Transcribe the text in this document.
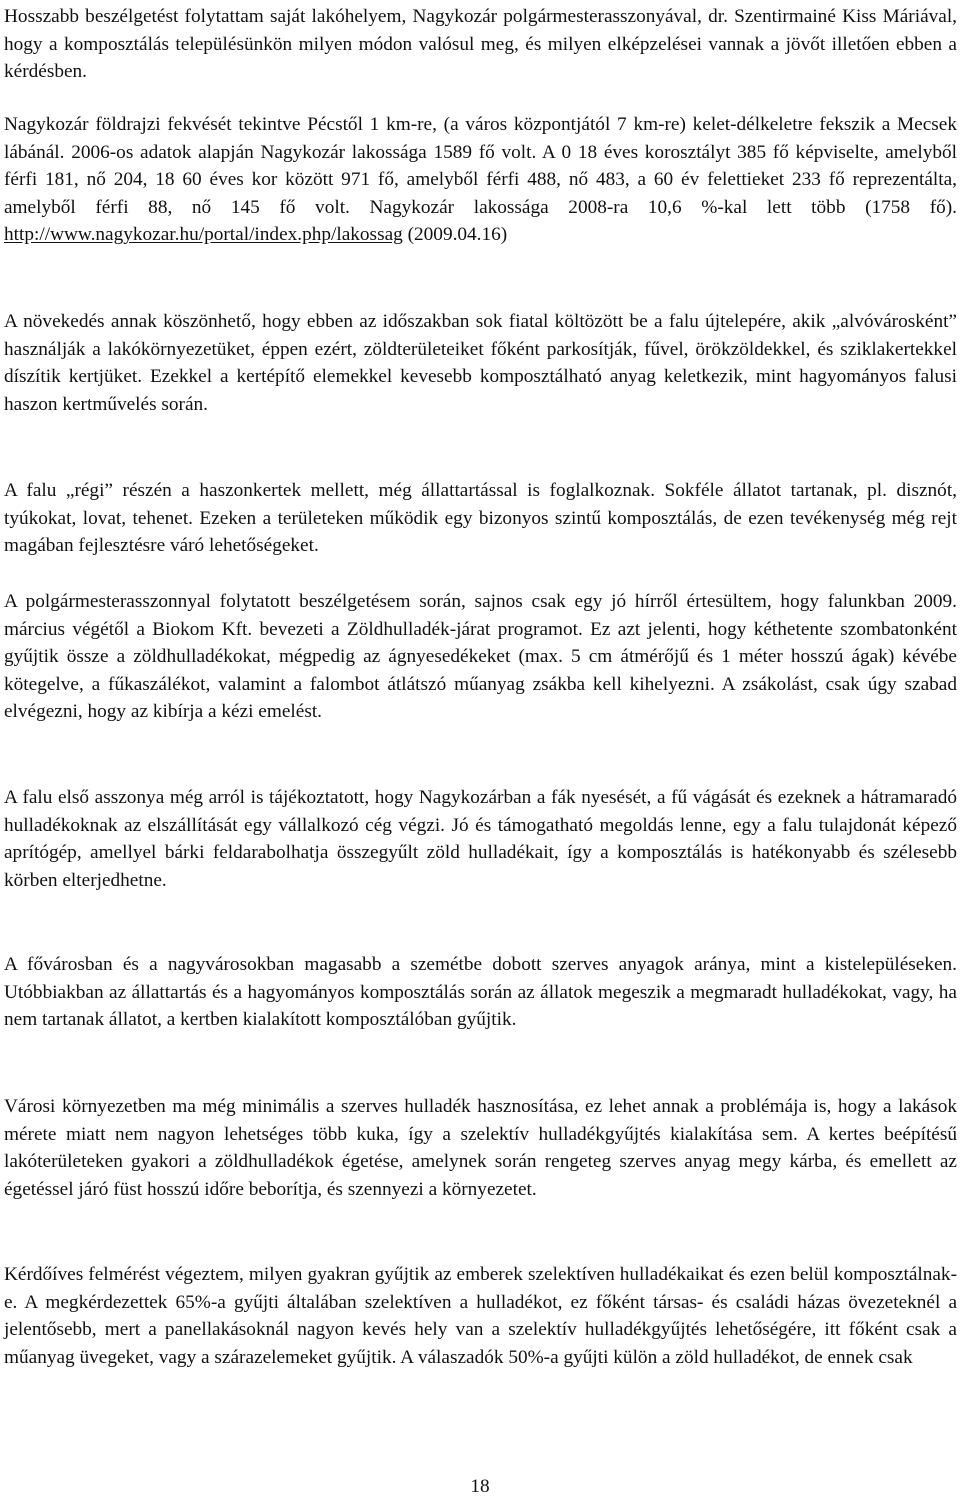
Hosszabb beszélgetést folytattam saját lakóhelyem, Nagykozár polgármesterasszonyával, dr. Szentirmainé Kiss Máriával, hogy a komposztálás településünkön milyen módon valósul meg, és milyen elképzelései vannak a jövőt illetően ebben a kérdésben.

Nagykozár földrajzi fekvését tekintve Pécstől 1 km-re, (a város központjától 7 km-re) kelet-délkeletre fekszik a Mecsek lábánál. 2006-os adatok alapján Nagykozár lakossága 1589 fő volt. A 0 18 éves korosztályt 385 fő képviselte, amelyből férfi 181, nő 204, 18 60 éves kor között 971 fő, amelyből férfi 488, nő 483, a 60 év felettieket 233 fő reprezentálta, amelyből férfi 88, nő 145 fő volt. Nagykozár lakossága 2008-ra 10,6 %-kal lett több (1758 fő). http://www.nagykozar.hu/portal/index.php/lakossag (2009.04.16)

A növekedés annak köszönhető, hogy ebben az időszakban sok fiatal költözött be a falu újtelepére, akik „alvóvárosként” használják a lakókörnyezetüket, éppen ezért, zöldterületeiket főként parkosítják, fűvel, örökzöldekkel, és sziklakertekkel díszítik kertjüket. Ezekkel a kertépítő elemekkel kevesebb komposztálható anyag keletkezik, mint hagyományos falusi haszon kertművelés során.

A falu „régi” részén a haszonkertek mellett, még állattartással is foglalkoznak. Sokféle állatot tartanak, pl. disznót, tyúkokat, lovat, tehenet. Ezeken a területeken működik egy bizonyos szintű komposztálás, de ezen tevékenység még rejt magában fejlesztésre váró lehetőségeket.

A polgármesterasszonnyal folytatott beszélgetésem során, sajnos csak egy jó hírről értesültem, hogy falunkban 2009. március végétől a Biokom Kft. bevezeti a Zöldhulladék-járat programot. Ez azt jelenti, hogy kéthetente szombatonként gyűjtik össze a zöldhulladékokat, mégpedig az ágnyesedékeket (max. 5 cm átmérőjű és 1 méter hosszú ágak) kévébe kötegelve, a fűkaszálékot, valamint a falombot átlátszó műanyag zsákba kell kihelyezni. A zsákolást, csak úgy szabad elvégezni, hogy az kibírja a kézi emelést.

A falu első asszonya még arról is tájékoztatott, hogy Nagykozárban a fák nyesését, a fű vágását és ezeknek a hátramaradó hulladékoknak az elszállítását egy vállalkozó cég végzi. Jó és támogatható megoldás lenne, egy a falu tulajdonát képező aprítógép, amellyel bárki feldarabolhatja összegyűlt zöld hulladékait, így a komposztálás is hatékonyabb és szélesebb körben elterjedhetne.

A fővárosban és a nagyvárosokban magasabb a szemétbe dobott szerves anyagok aránya, mint a kistelepüléseken. Utóbbiakban az állattartás és a hagyományos komposztálás során az állatok megeszik a megmaradt hulladékokat, vagy, ha nem tartanak állatot, a kertben kialakított komposztálóban gyűjtik.

Városi környezetben ma még minimális a szerves hulladék hasznosítása, ez lehet annak a problémája is, hogy a lakások mérete miatt nem nagyon lehetséges több kuka, így a szelektív hulladékgyűjtés kialakítása sem. A kertes beépítésű lakóterületeken gyakori a zöldhulladékok égetése, amelynek során rengeteg szerves anyag megy kárba, és emellett az égetéssel járó füst hosszú időre beborítja, és szennyezi a környezetet.

Kérdőíves felmérést végeztem, milyen gyakran gyűjtik az emberek szelektíven hulladékaikat és ezen belül komposztálnak-e. A megkérdezettek 65%-a gyűjti általában szelektíven a hulladékot, ez főként társas- és családi házas övezeteknél a jelentősebb, mert a panellakásoknál nagyon kevés hely van a szelektív hulladékgyűjtés lehetőségére, itt főként csak a műanyag üvegeket, vagy a szárazelemeket gyűjtik. A válaszadók 50%-a gyűjti külön a zöld hulladékot, de ennek csak

18
